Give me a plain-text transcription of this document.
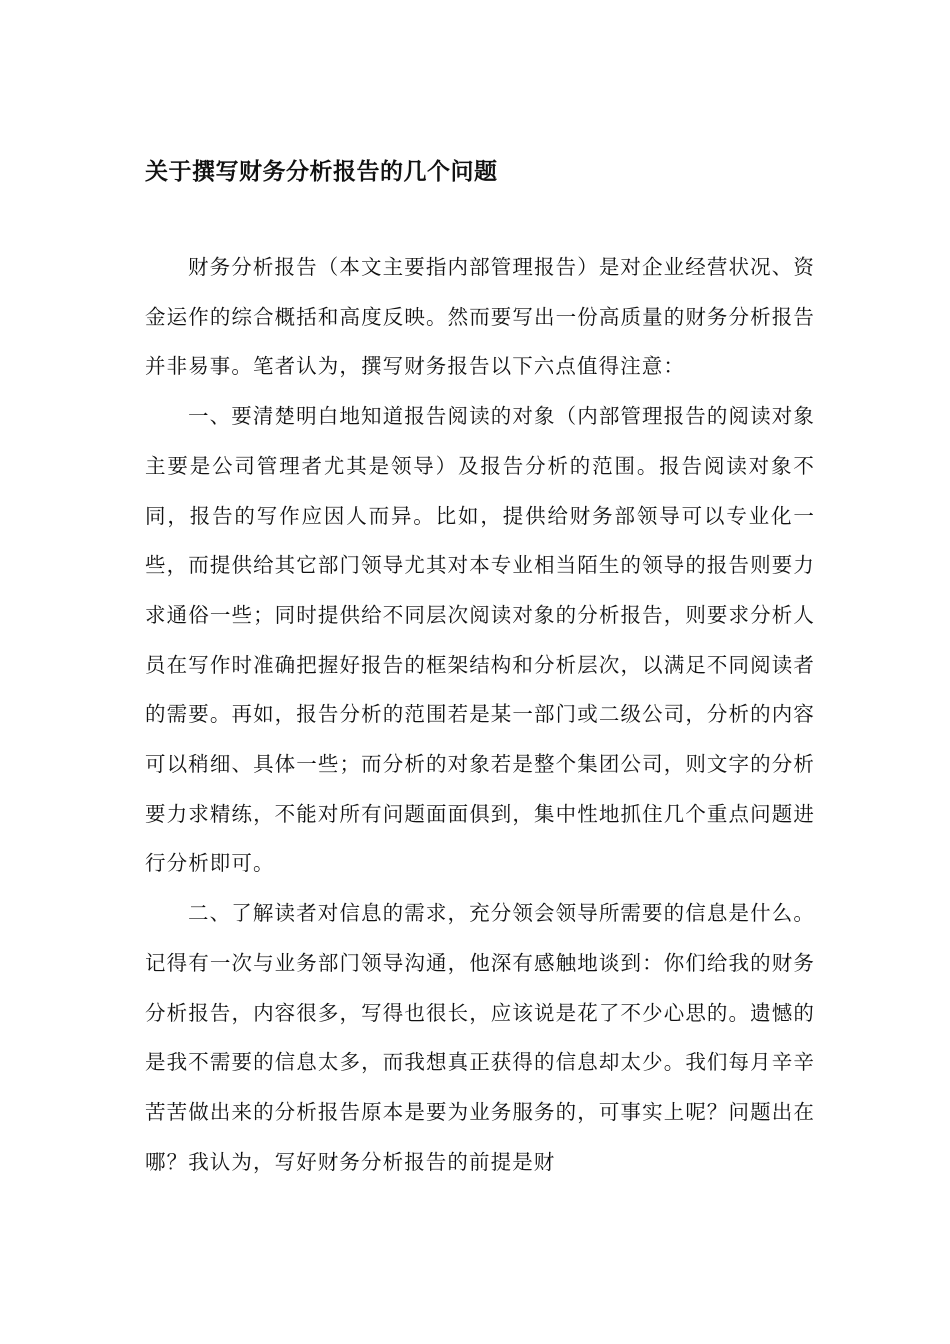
关于撰写财务分析报告的几个问题

财务分析报告（本文主要指内部管理报告）是对企业经营状况、资金运作的综合概括和高度反映。然而要写出一份高质量的财务分析报告并非易事。笔者认为，撰写财务报告以下六点值得注意：

一、要清楚明白地知道报告阅读的对象（内部管理报告的阅读对象主要是公司管理者尤其是领导）及报告分析的范围。报告阅读对象不同，报告的写作应因人而异。比如，提供给财务部领导可以专业化一些，而提供给其它部门领导尤其对本专业相当陌生的领导的报告则要力求通俗一些；同时提供给不同层次阅读对象的分析报告，则要求分析人员在写作时准确把握好报告的框架结构和分析层次，以满足不同阅读者的需要。再如，报告分析的范围若是某一部门或二级公司，分析的内容可以稍细、具体一些；而分析的对象若是整个集团公司，则文字的分析要力求精练，不能对所有问题面面俱到，集中性地抓住几个重点问题进行分析即可。

二、了解读者对信息的需求，充分领会领导所需要的信息是什么。记得有一次与业务部门领导沟通，他深有感触地谈到：你们给我的财务分析报告，内容很多，写得也很长，应该说是花了不少心思的。遗憾的是我不需要的信息太多，而我想真正获得的信息却太少。我们每月辛辛苦苦做出来的分析报告原本是要为业务服务的，可事实上呢？问题出在哪？我认为，写好财务分析报告的前提是财
